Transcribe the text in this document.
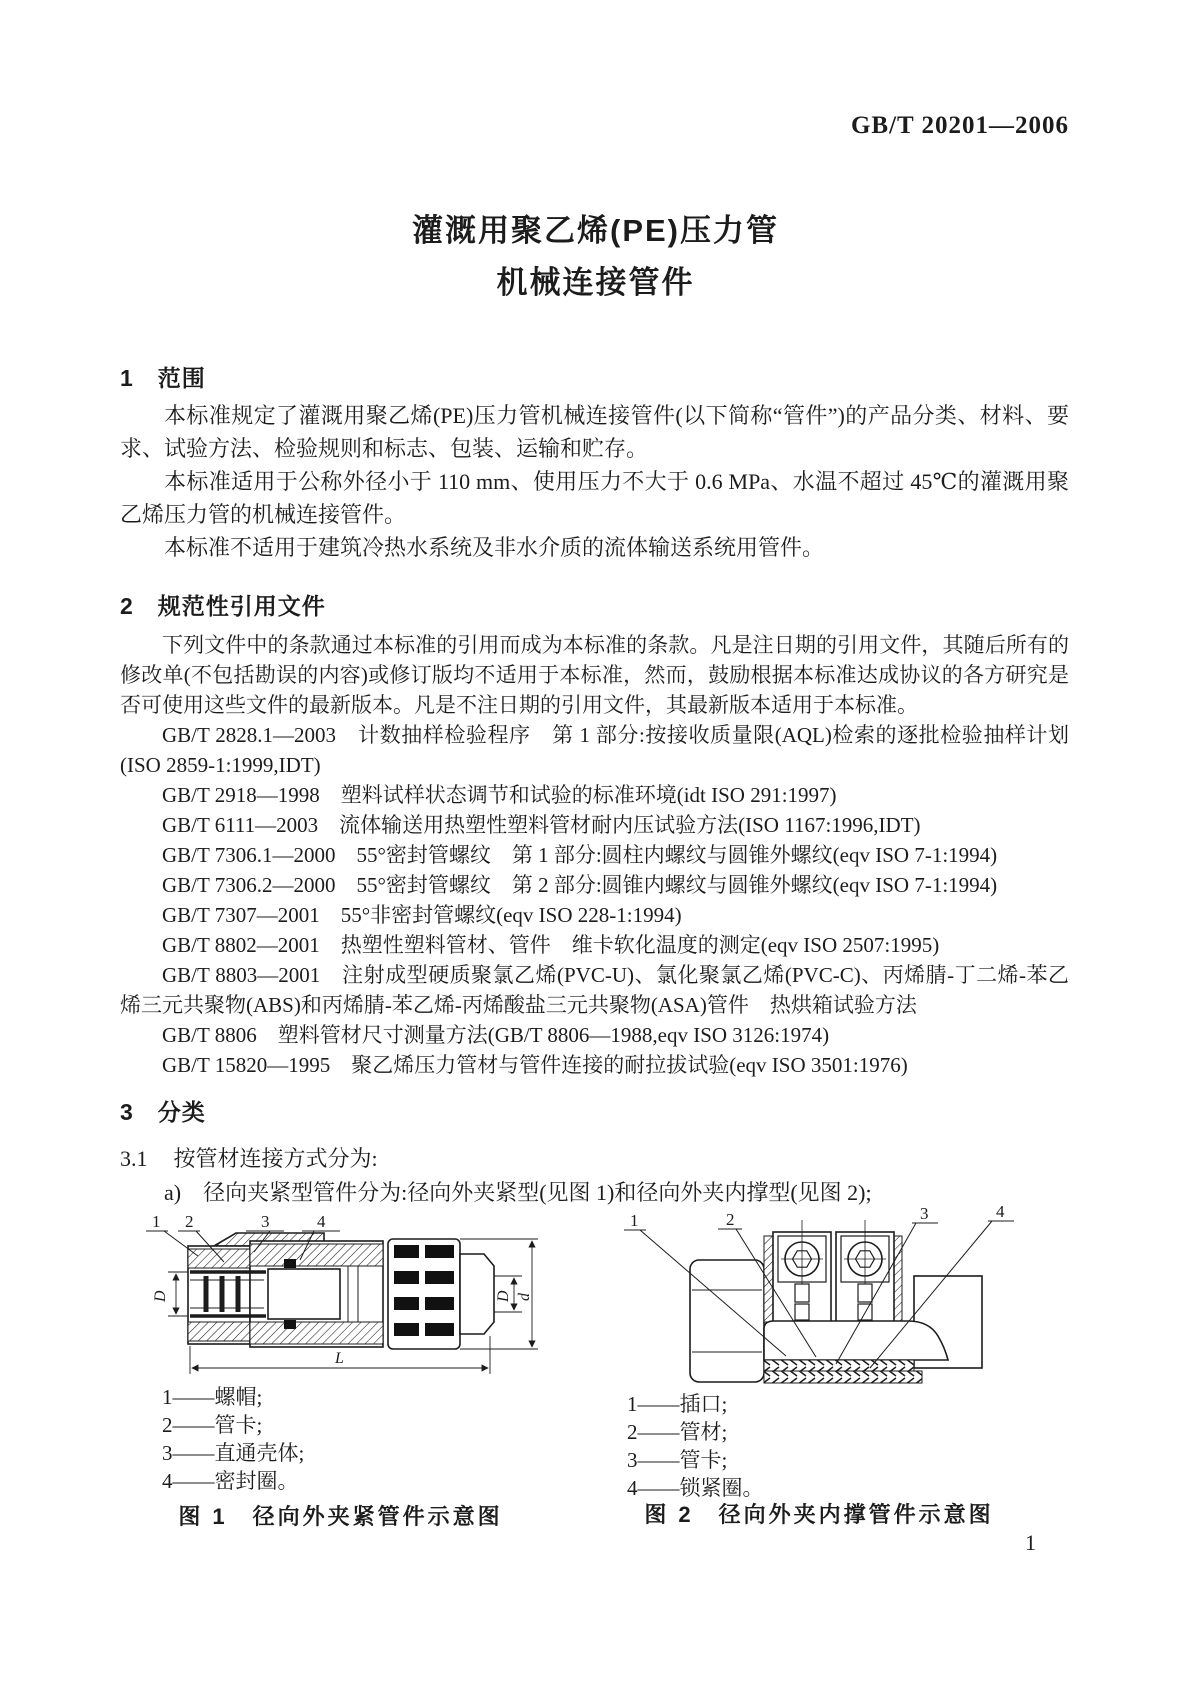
GB/T 20201—2006
灌溉用聚乙烯(PE)压力管
机械连接管件
1 范围

本标准规定了灌溉用聚乙烯(PE)压力管机械连接管件(以下简称“管件”)的产品分类、材料、要求、试验方法、检验规则和标志、包装、运输和贮存。

本标准适用于公称外径小于 110 mm、使用压力不大于 0.6 MPa、水温不超过 45℃的灌溉用聚乙烯压力管的机械连接管件。

本标准不适用于建筑冷热水系统及非水介质的流体输送系统用管件。

2 规范性引用文件

下列文件中的条款通过本标准的引用而成为本标准的条款。凡是注日期的引用文件，其随后所有的修改单(不包括勘误的内容)或修订版均不适用于本标准，然而，鼓励根据本标准达成协议的各方研究是否可使用这些文件的最新版本。凡是不注日期的引用文件，其最新版本适用于本标准。

GB/T 2828.1—2003　计数抽样检验程序　第 1 部分:按接收质量限(AQL)检索的逐批检验抽样计划(ISO 2859-1:1999,IDT)

GB/T 2918—1998　塑料试样状态调节和试验的标准环境(idt ISO 291:1997)

GB/T 6111—2003　流体输送用热塑性塑料管材耐内压试验方法(ISO 1167:1996,IDT)

GB/T 7306.1—2000　55°密封管螺纹　第 1 部分:圆柱内螺纹与圆锥外螺纹(eqv ISO 7-1:1994)

GB/T 7306.2—2000　55°密封管螺纹　第 2 部分:圆锥内螺纹与圆锥外螺纹(eqv ISO 7-1:1994)

GB/T 7307—2001　55°非密封管螺纹(eqv ISO 228-1:1994)

GB/T 8802—2001　热塑性塑料管材、管件　维卡软化温度的测定(eqv ISO 2507:1995)

GB/T 8803—2001　注射成型硬质聚氯乙烯(PVC-U)、氯化聚氯乙烯(PVC-C)、丙烯腈-丁二烯-苯乙烯三元共聚物(ABS)和丙烯腈-苯乙烯-丙烯酸盐三元共聚物(ASA)管件　热烘箱试验方法

GB/T 8806　塑料管材尺寸测量方法(GB/T 8806—1988,eqv ISO 3126:1974)

GB/T 15820—1995　聚乙烯压力管材与管件连接的耐拉拔试验(eqv ISO 3501:1976)

3 分类
3.1 按管材连接方式分为:
a)　径向夹紧型管件分为:径向外夹紧型(见图 1)和径向外夹内撑型(见图 2);
1 2	3	4
D	D d
L
1	2	3	4
1——螺帽;
2——管卡;
3——直通壳体;
4——密封圈。
1——插口;
2——管材;
3——管卡;
4——锁紧圈。
图 1　径向外夹紧管件示意图	图 2　径向外夹内撑管件示意图
1
